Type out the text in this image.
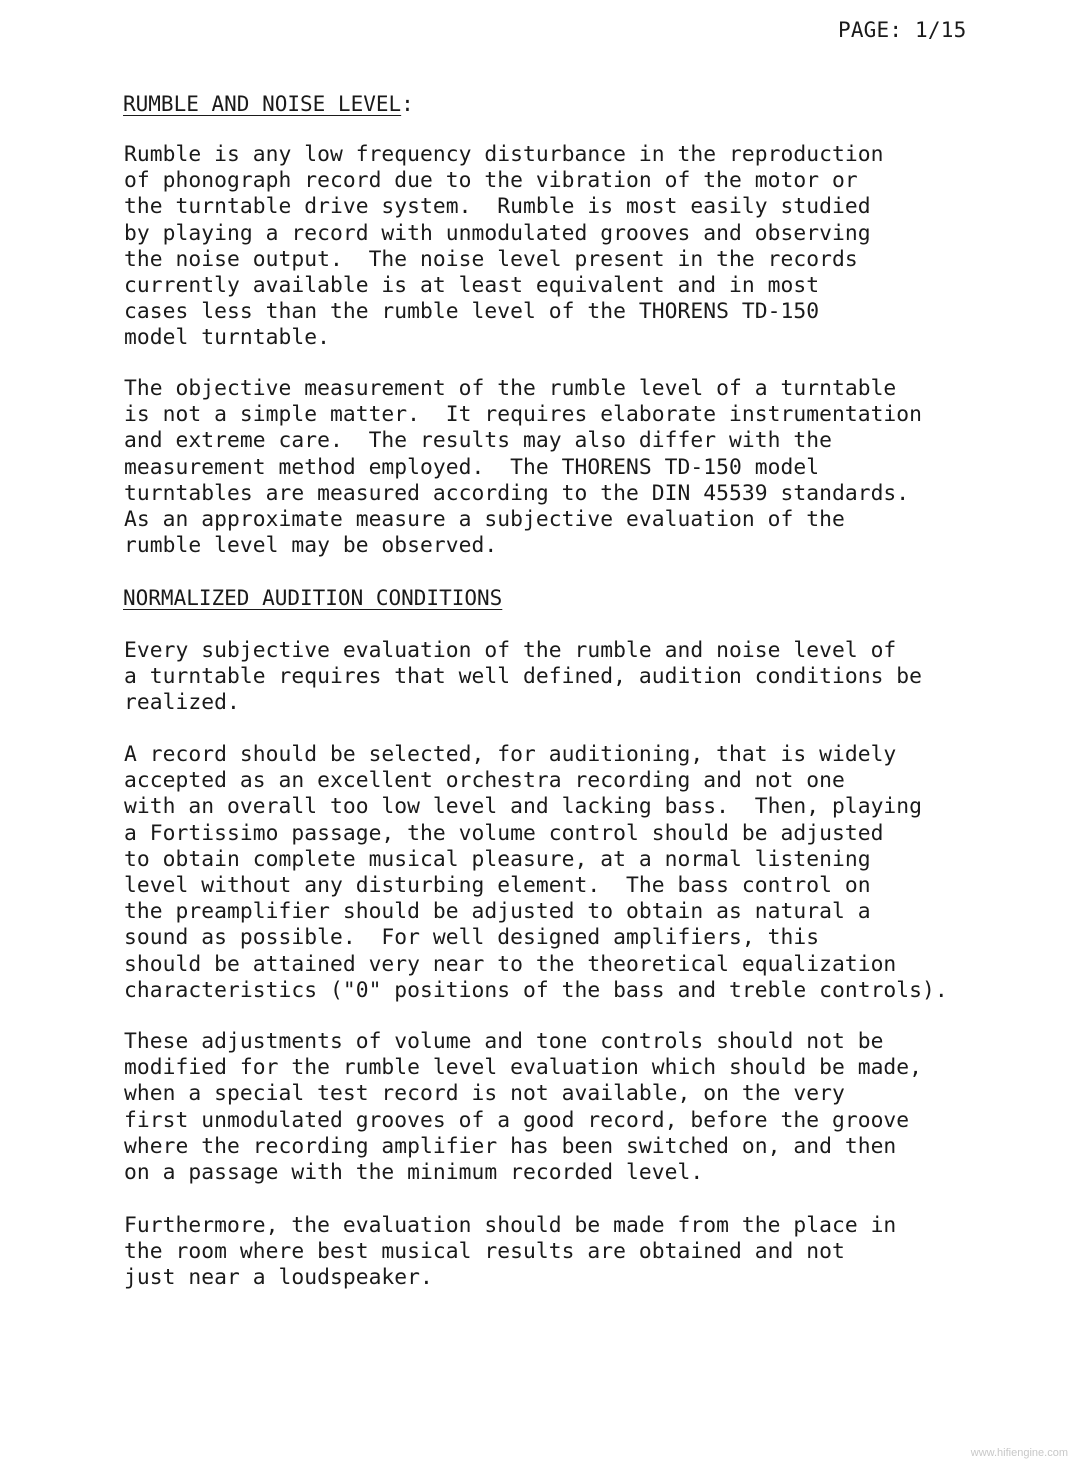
PAGE: 1/15
RUMBLE AND NOISE LEVEL:

Rumble is any low frequency disturbance in the reproduction
of phonograph record due to the vibration of the motor or
the turntable drive system.  Rumble is most easily studied
by playing a record with unmodulated grooves and observing
the noise output.  The noise level present in the records
currently available is at least equivalent and in most
cases less than the rumble level of the THORENS TD-150
model turntable.

The objective measurement of the rumble level of a turntable
is not a simple matter.  It requires elaborate instrumentation
and extreme care.  The results may also differ with the
measurement method employed.  The THORENS TD-150 model
turntables are measured according to the DIN 45539 standards.
As an approximate measure a subjective evaluation of the
rumble level may be observed.

NORMALIZED AUDITION CONDITIONS

Every subjective evaluation of the rumble and noise level of
a turntable requires that well defined, audition conditions be
realized.

A record should be selected, for auditioning, that is widely
accepted as an excellent orchestra recording and not one
with an overall too low level and lacking bass.  Then, playing
a Fortissimo passage, the volume control should be adjusted
to obtain complete musical pleasure, at a normal listening
level without any disturbing element.  The bass control on
the preamplifier should be adjusted to obtain as natural a
sound as possible.  For well designed amplifiers, this
should be attained very near to the theoretical equalization
characteristics ("0" positions of the bass and treble controls).

These adjustments of volume and tone controls should not be
modified for the rumble level evaluation which should be made,
when a special test record is not available, on the very
first unmodulated grooves of a good record, before the groove
where the recording amplifier has been switched on, and then
on a passage with the minimum recorded level.

Furthermore, the evaluation should be made from the place in
the room where best musical results are obtained and not
just near a loudspeaker.

www.hifiengine.com
